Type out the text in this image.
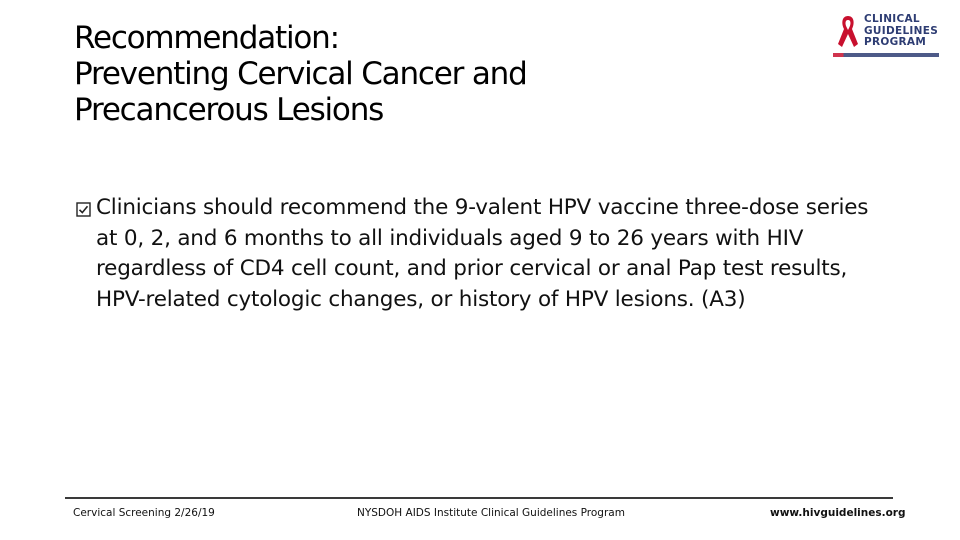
Recommendation:
Preventing Cervical Cancer and
Precancerous Lesions
CLINICAL
GUIDELINES
PROGRAM
Clinicians should recommend the 9-valent HPV vaccine three-dose series at 0, 2, and 6 months to all individuals aged 9 to 26 years with HIV regardless of CD4 cell count, and prior cervical or anal Pap test results, HPV-related cytologic changes, or history of HPV lesions. (A3)
Cervical Screening 2/26/19	NYSDOH AIDS Institute Clinical Guidelines Program	www.hivguidelines.org
